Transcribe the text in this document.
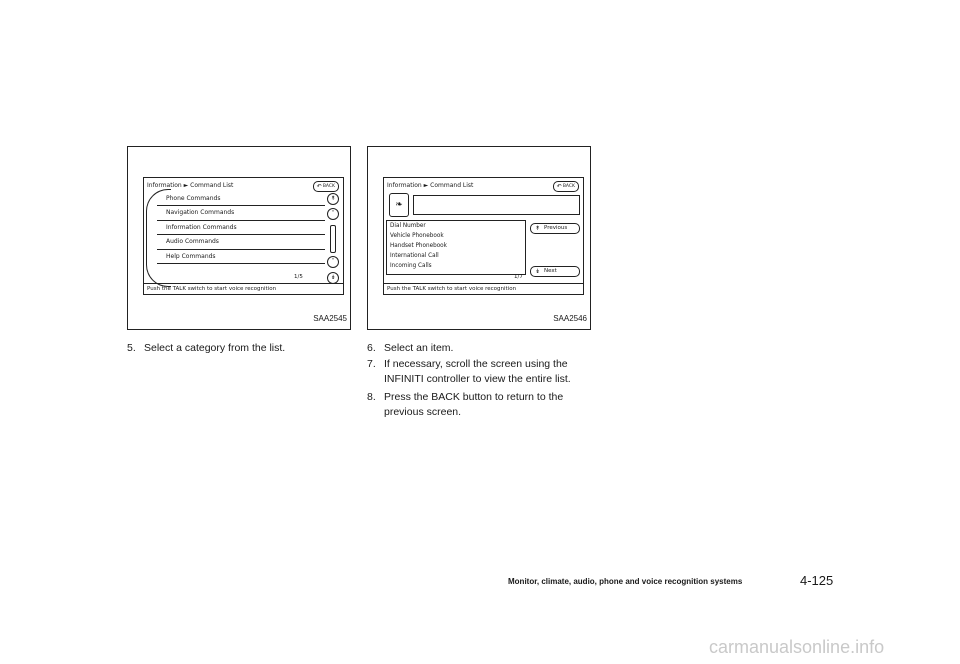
Information ► Command List	↶ BACK
Phone Commands
Navigation Commands
Information Commands
Audio Commands
Help Commands
1/5
↟
˄
˅
↡
Push the TALK switch to start voice recognition
SAA2545
Information ► Command List	↶ BACK
❧
Dial Number
Vehicle Phonebook
Handset Phonebook
International Call
Incoming Calls
1/7
↟ Previous
↡ Next
Push the TALK switch to start voice recognition
SAA2546
5. Select a category from the list.	6. Select an item.
7. If necessary, scroll the screen using the
INFINITI controller to view the entire list.
8. Press the BACK button to return to the
previous screen.
Monitor, climate, audio, phone and voice recognition systems	4-125
carmanualsonline.info
